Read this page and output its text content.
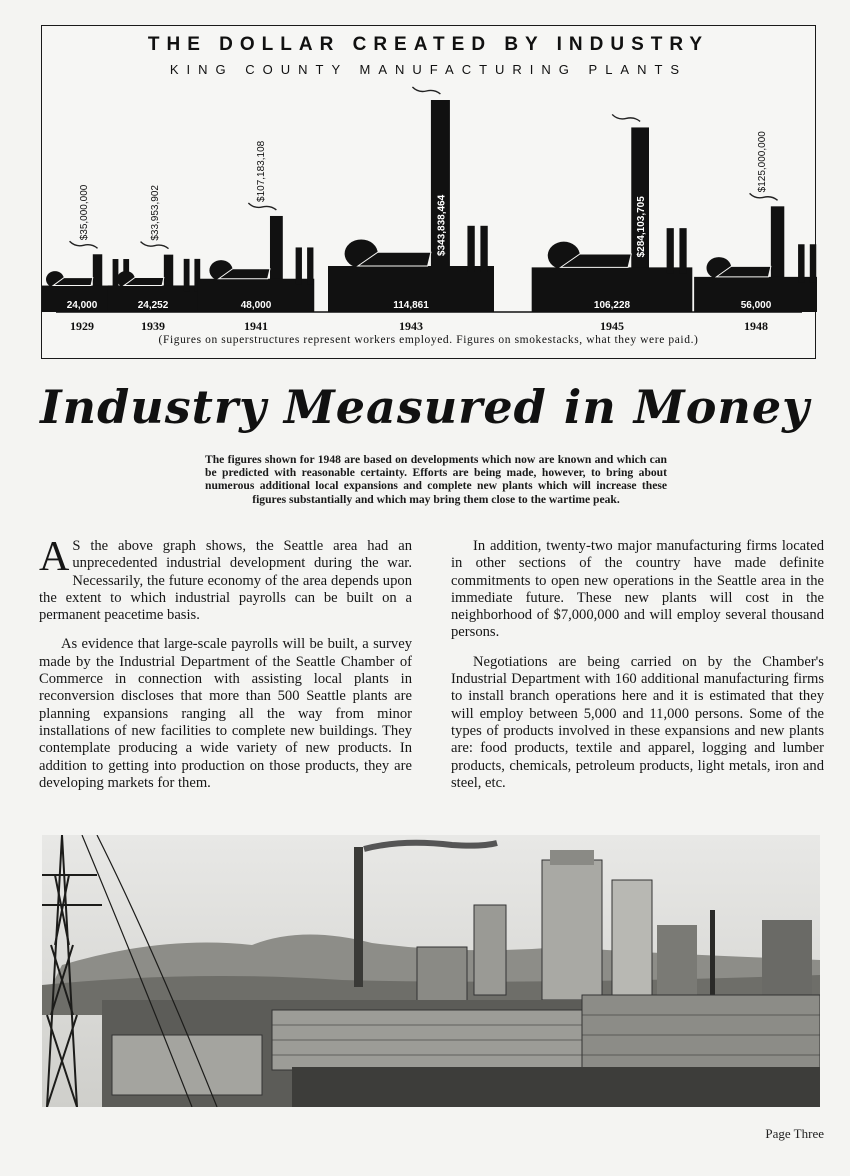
THE DOLLAR CREATED BY INDUSTRY
KING COUNTY MANUFACTURING PLANTS
24,000
$35,000,000
1929
24,252
$33,953,902
1939
48,000
$107,183,108
1941
114,861
$343,838,464
1943
106,228
$284,103,705
1945
56,000
$125,000,000
1948
(Figures on superstructures represent workers employed. Figures on smokestacks, what they were paid.)
Industry Measured in Money
The figures shown for 1948 are based on developments which now are known and which can be predicted with reasonable certainty. Efforts are being made, however, to bring about numerous additional local expansions and complete new plants which will increase these figures substantially and which may bring them close to the wartime peak.

A S the above graph shows, the Seattle area had an unprecedented industrial development during the war. Necessarily, the future economy of the area depends upon the extent to which industrial payrolls can be built on a permanent peacetime basis.

As evidence that large-scale payrolls will be built, a survey made by the Industrial Department of the Seattle Chamber of Commerce in connection with assisting local plants in reconversion discloses that more than 500 Seattle plants are planning expansions ranging all the way from minor installations of new facilities to complete new buildings. They contemplate producing a wide variety of new products. In addition to getting into production on those products, they are developing markets for them.

In addition, twenty-two major manufacturing firms located in other sections of the country have made definite commitments to open new operations in the Seattle area in the immediate future. These new plants will cost in the neighborhood of $7,000,000 and will employ several thousand persons.

Negotiations are being carried on by the Chamber's Industrial Department with 160 additional manufacturing firms to install branch operations here and it is estimated that they will employ between 5,000 and 11,000 persons. Some of the types of products involved in these expansions and new plants are: food products, textile and apparel, logging and lumber products, chemicals, petroleum products, light metals, iron and steel, etc.

Page Three
